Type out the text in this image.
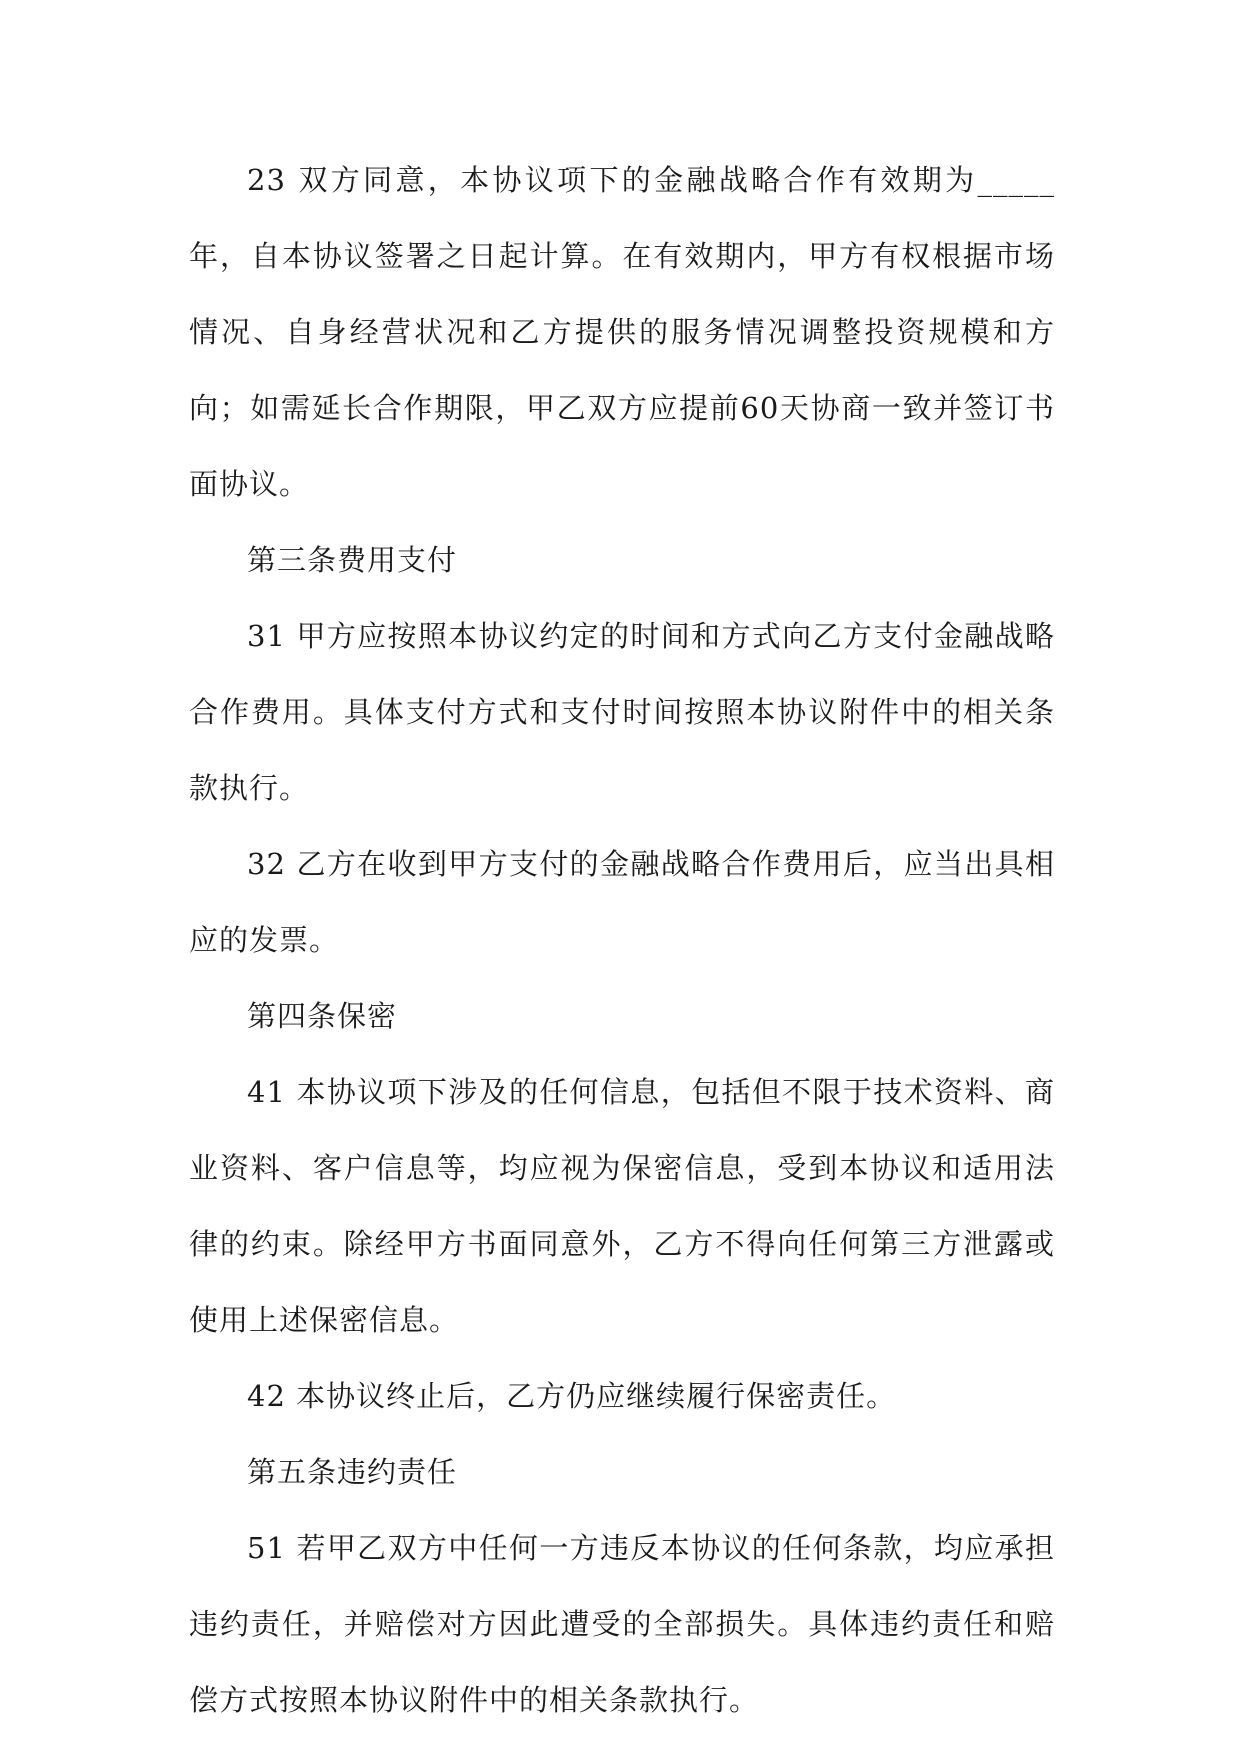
23 双方同意，本协议项下的金融战略合作有效期为_____年，自本协议签署之日起计算。在有效期内，甲方有权根据市场情况、自身经营状况和乙方提供的服务情况调整投资规模和方向；如需延长合作期限，甲乙双方应提前60天协商一致并签订书面协议。

第三条费用支付

31 甲方应按照本协议约定的时间和方式向乙方支付金融战略合作费用。具体支付方式和支付时间按照本协议附件中的相关条款执行。

32 乙方在收到甲方支付的金融战略合作费用后，应当出具相应的发票。

第四条保密

41 本协议项下涉及的任何信息，包括但不限于技术资料、商业资料、客户信息等，均应视为保密信息，受到本协议和适用法律的约束。除经甲方书面同意外，乙方不得向任何第三方泄露或使用上述保密信息。

42 本协议终止后，乙方仍应继续履行保密责任。

第五条违约责任

51 若甲乙双方中任何一方违反本协议的任何条款，均应承担违约责任，并赔偿对方因此遭受的全部损失。具体违约责任和赔偿方式按照本协议附件中的相关条款执行。
